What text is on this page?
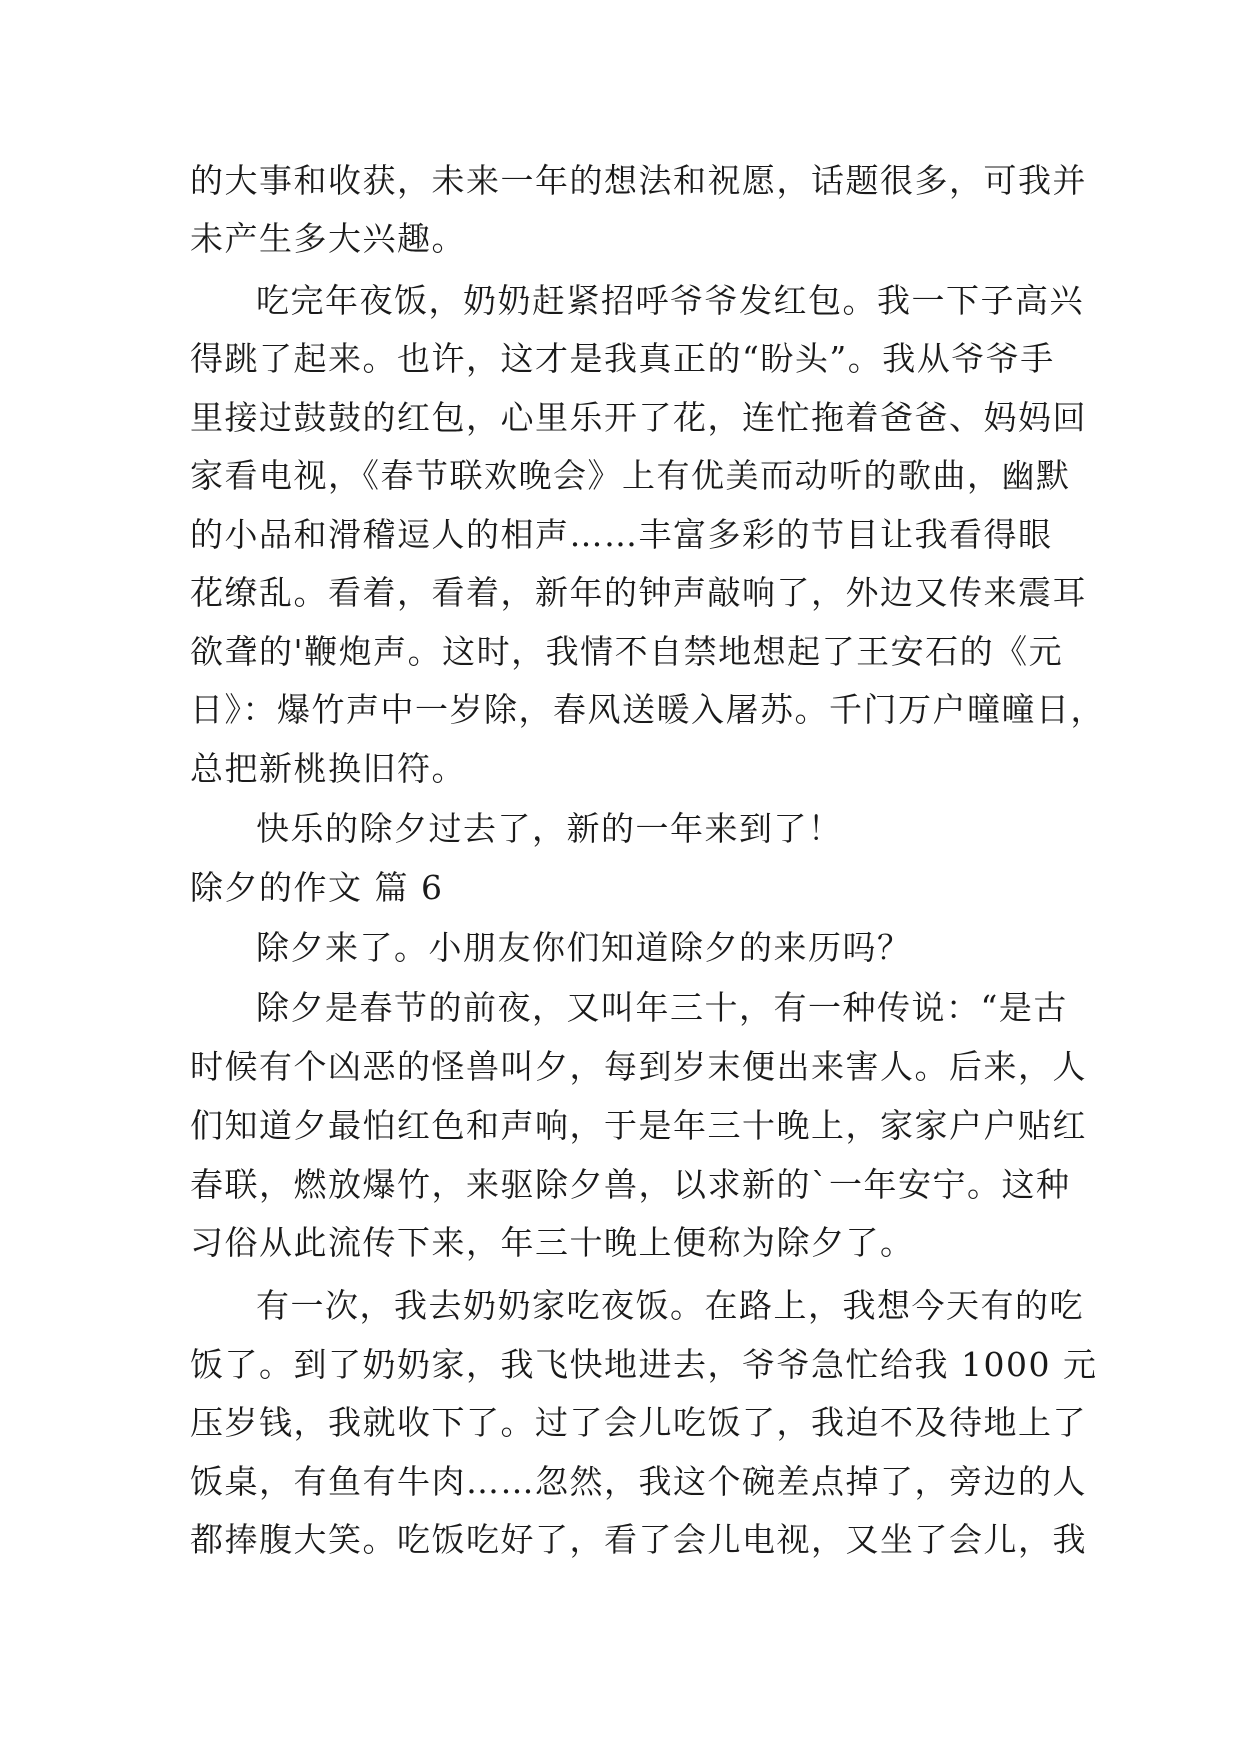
的大事和收获，未来一年的想法和祝愿，话题很多，可我并

未产生多大兴趣。

吃完年夜饭，奶奶赶紧招呼爷爷发红包。我一下子高兴

得跳了起来。也许，这才是我真正的“盼头”。我从爷爷手

里接过鼓鼓的红包，心里乐开了花，连忙拖着爸爸、妈妈回

家看电视，《春节联欢晚会》上有优美而动听的歌曲，幽默

的小品和滑稽逗人的相声……丰富多彩的节目让我看得眼

花缭乱。看着，看着，新年的钟声敲响了，外边又传来震耳

欲聋的'鞭炮声。这时，我情不自禁地想起了王安石的《元

日》：爆竹声中一岁除，春风送暖入屠苏。千门万户曈曈日，

总把新桃换旧符。

快乐的除夕过去了，新的一年来到了！

除夕的作文 篇 6

除夕来了。小朋友你们知道除夕的来历吗？

除夕是春节的前夜，又叫年三十，有一种传说：“是古

时候有个凶恶的怪兽叫夕，每到岁末便出来害人。后来，人

们知道夕最怕红色和声响，于是年三十晚上，家家户户贴红

春联，燃放爆竹，来驱除夕兽，以求新的`一年安宁。这种

习俗从此流传下来，年三十晚上便称为除夕了。

有一次，我去奶奶家吃夜饭。在路上，我想今天有的吃

饭了。到了奶奶家，我飞快地进去，爷爷急忙给我 1000 元

压岁钱，我就收下了。过了会儿吃饭了，我迫不及待地上了

饭桌，有鱼有牛肉……忽然，我这个碗差点掉了，旁边的人

都捧腹大笑。吃饭吃好了，看了会儿电视，又坐了会儿，我
